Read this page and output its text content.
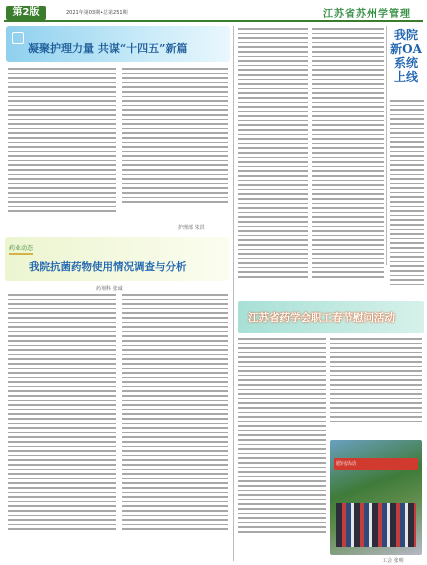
第2版	2021年第03期•总第251期	江苏省苏州学管理
凝聚护理力量 共谋“十四五”新篇
护理部 朱洪
药业动态
我院抗菌药物使用情况调查与分析
药剂科 张诚
我院新OA系统上线
江苏省药学会职工春节慰问活动
慰问活动
工会 张明
